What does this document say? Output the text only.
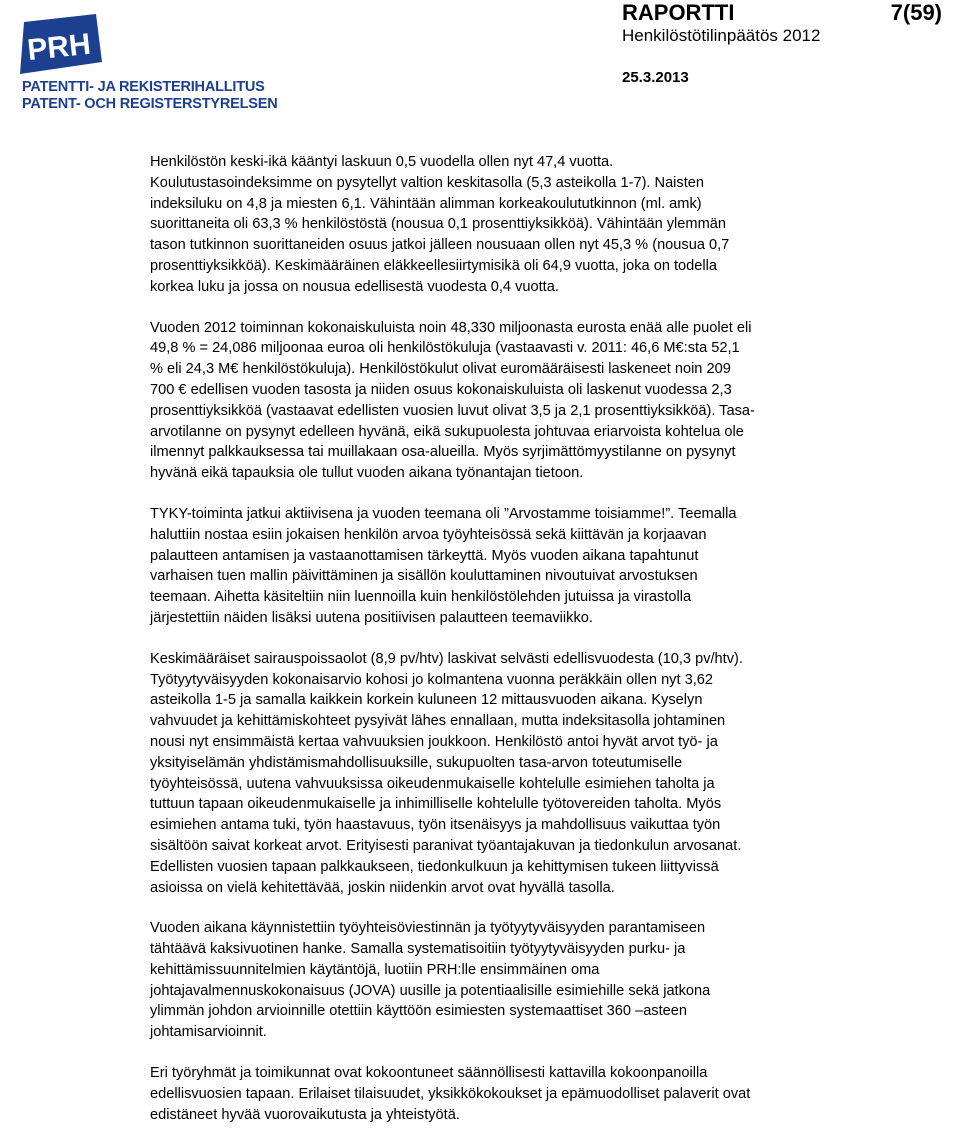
PRH
PATENTTI- JA REKISTERIHALLITUS
PATENT- OCH REGISTERSTYRELSEN
RAPORTTI	7(59)
Henkilöstötilinpäätös 2012
25.3.2013

Henkilöstön keski-ikä kääntyi laskuun 0,5 vuodella ollen nyt 47,4 vuotta.
Koulutustasoindeksimme on pysytellyt valtion keskitasolla (5,3 asteikolla 1-7). Naisten
indeksiluku on 4,8 ja miesten 6,1. Vähintään alimman korkeakoulututkinnon (ml. amk)
suorittaneita oli 63,3 % henkilöstöstä (nousua 0,1 prosenttiyksikköä). Vähintään ylemmän
tason tutkinnon suorittaneiden osuus jatkoi jälleen nousuaan ollen nyt 45,3 % (nousua 0,7
prosenttiyksikköä). Keskimääräinen eläkkeellesiirtymisikä oli 64,9 vuotta, joka on todella
korkea luku ja jossa on nousua edellisestä vuodesta 0,4 vuotta.

Vuoden 2012 toiminnan kokonaiskuluista noin 48,330 miljoonasta eurosta enää alle puolet eli
49,8 % = 24,086 miljoonaa euroa oli henkilöstökuluja (vastaavasti v. 2011: 46,6 M€:sta 52,1
% eli 24,3 M€ henkilöstökuluja). Henkilöstökulut olivat euromääräisesti laskeneet noin 209
700 € edellisen vuoden tasosta ja niiden osuus kokonaiskuluista oli laskenut vuodessa 2,3
prosenttiyksikköä (vastaavat edellisten vuosien luvut olivat 3,5 ja 2,1 prosenttiyksikköä). Tasa-
arvotilanne on pysynyt edelleen hyvänä, eikä sukupuolesta johtuvaa eriarvoista kohtelua ole
ilmennyt palkkauksessa tai muillakaan osa-alueilla. Myös syrjimättömyystilanne on pysynyt
hyvänä eikä tapauksia ole tullut vuoden aikana työnantajan tietoon.

TYKY-toiminta jatkui aktiivisena ja vuoden teemana oli ”Arvostamme toisiamme!”. Teemalla
haluttiin nostaa esiin jokaisen henkilön arvoa työyhteisössä sekä kiittävän ja korjaavan
palautteen antamisen ja vastaanottamisen tärkeyttä. Myös vuoden aikana tapahtunut
varhaisen tuen mallin päivittäminen ja sisällön kouluttaminen nivoutuivat arvostuksen
teemaan. Aihetta käsiteltiin niin luennoilla kuin henkilöstölehden jutuissa ja virastolla
järjestettiin näiden lisäksi uutena positiivisen palautteen teemaviikko.

Keskimääräiset sairauspoissaolot (8,9 pv/htv) laskivat selvästi edellisvuodesta (10,3 pv/htv).
Työtyytyväisyyden kokonaisarvio kohosi jo kolmantena vuonna peräkkäin ollen nyt 3,62
asteikolla 1-5 ja samalla kaikkein korkein kuluneen 12 mittausvuoden aikana. Kyselyn
vahvuudet ja kehittämiskohteet pysyivät lähes ennallaan, mutta indeksitasolla johtaminen
nousi nyt ensimmäistä kertaa vahvuuksien joukkoon. Henkilöstö antoi hyvät arvot työ- ja
yksityiselämän yhdistämismahdollisuuksille, sukupuolten tasa-arvon toteutumiselle
työyhteisössä, uutena vahvuuksissa oikeudenmukaiselle kohtelulle esimiehen taholta ja
tuttuun tapaan oikeudenmukaiselle ja inhimilliselle kohtelulle työtovereiden taholta. Myös
esimiehen antama tuki, työn haastavuus, työn itsenäisyys ja mahdollisuus vaikuttaa työn
sisältöön saivat korkeat arvot. Erityisesti paranivat työantajakuvan ja tiedonkulun arvosanat.
Edellisten vuosien tapaan palkkaukseen, tiedonkulkuun ja kehittymisen tukeen liittyvissä
asioissa on vielä kehitettävää, joskin niidenkin arvot ovat hyvällä tasolla.

Vuoden aikana käynnistettiin työyhteisöviestinnän ja työtyytyväisyyden parantamiseen
tähtäävä kaksivuotinen hanke. Samalla systematisoitiin työtyytyväisyyden purku- ja
kehittämissuunnitelmien käytäntöjä, luotiin PRH:lle ensimmäinen oma
johtajavalmennuskokonaisuus (JOVA) uusille ja potentiaalisille esimiehille sekä jatkona
ylimmän johdon arvioinnille otettiin käyttöön esimiesten systemaattiset 360 –asteen
johtamisarvioinnit.

Eri työryhmät ja toimikunnat ovat kokoontuneet säännöllisesti kattavilla kokoonpanoilla
edellisvuosien tapaan. Erilaiset tilaisuudet, yksikkökokoukset ja epämuodolliset palaverit ovat
edistäneet hyvää vuorovaikutusta ja yhteistyötä.
